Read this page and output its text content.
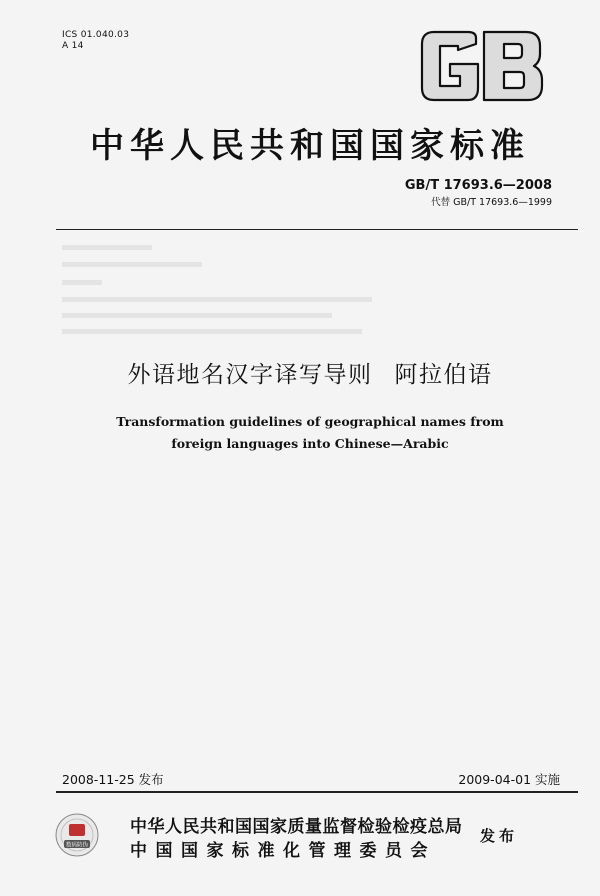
ICS 01.040.03
A 14
中华人民共和国国家标准
GB/T 17693.6—2008
代替 GB/T 17693.6—1999
外语地名汉字译写导则 阿拉伯语
Transformation guidelines of geographical names from
foreign languages into Chinese—Arabic
2008-11-25 发布	2009-04-01 实施
数码防伪
中华人民共和国国家质量监督检验检疫总局
中国国家标准化管理委员会
发布
